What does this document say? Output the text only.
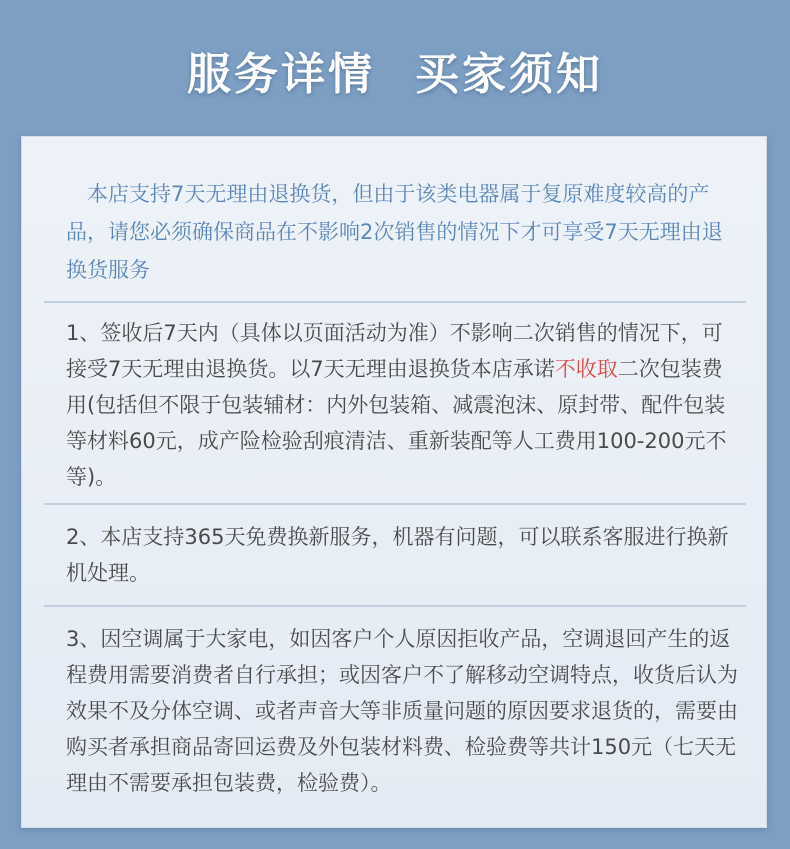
服务详情 买家须知
 本店支持7天无理由退换货，但由于该类电器属于复原难度较高的产品，请您必须确保商品在不影响2次销售的情况下才可享受7天无理由退换货服务
1、签收后7天内（具体以页面活动为准）不影响二次销售的情况下，可接受7天无理由退换货。以7天无理由退换货本店承诺不收取二次包装费用(包括但不限于包装辅材：内外包装箱、减震泡沫、原封带、配件包装等材料60元，成产险检验刮痕清洁、重新装配等人工费用100-200元不等)。
2、本店支持365天免费换新服务，机器有问题，可以联系客服进行换新机处理。
3、因空调属于大家电，如因客户个人原因拒收产品，空调退回产生的返程费用需要消费者自行承担；或因客户不了解移动空调特点，收货后认为效果不及分体空调、或者声音大等非质量问题的原因要求退货的，需要由购买者承担商品寄回运费及外包装材料费、检验费等共计150元（七天无理由不需要承担包装费，检验费）。
